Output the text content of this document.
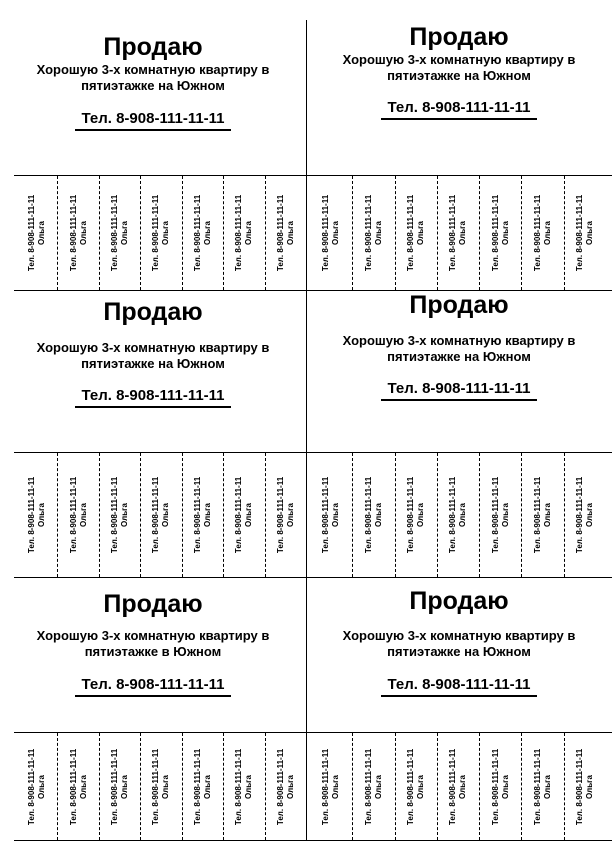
Тел. 8-908-111-11-11 Ольга	Тел. 8-908-111-11-11 Ольга	Тел. 8-908-111-11-11 Ольга	Тел. 8-908-111-11-11 Ольга	Тел. 8-908-111-11-11 Ольга	Тел. 8-908-111-11-11 Ольга	Тел. 8-908-111-11-11 Ольга
Продаю
Хорошую 3-х комнатную квартиру в
пятиэтажке на Южном
Тел. 8-908-111-11-11
Тел. 8-908-111-11-11 Ольга	Тел. 8-908-111-11-11 Ольга	Тел. 8-908-111-11-11 Ольга	Тел. 8-908-111-11-11 Ольга	Тел. 8-908-111-11-11 Ольга	Тел. 8-908-111-11-11 Ольга	Тел. 8-908-111-11-11 Ольга
Продаю
Хорошую 3-х комнатную квартиру в
пятиэтажке на Южном
Тел. 8-908-111-11-11
Тел. 8-908-111-11-11 Ольга	Тел. 8-908-111-11-11 Ольга	Тел. 8-908-111-11-11 Ольга	Тел. 8-908-111-11-11 Ольга	Тел. 8-908-111-11-11 Ольга	Тел. 8-908-111-11-11 Ольга	Тел. 8-908-111-11-11 Ольга
Продаю
Хорошую 3-х комнатную квартиру в
пятиэтажке на Южном
Тел. 8-908-111-11-11
Тел. 8-908-111-11-11 Ольга	Тел. 8-908-111-11-11 Ольга	Тел. 8-908-111-11-11 Ольга	Тел. 8-908-111-11-11 Ольга	Тел. 8-908-111-11-11 Ольга	Тел. 8-908-111-11-11 Ольга	Тел. 8-908-111-11-11 Ольга
Продаю
Хорошую 3-х комнатную квартиру в
пятиэтажке на Южном
Тел. 8-908-111-11-11
Тел. 8-908-111-11-11 Ольга	Тел. 8-908-111-11-11 Ольга	Тел. 8-908-111-11-11 Ольга	Тел. 8-908-111-11-11 Ольга	Тел. 8-908-111-11-11 Ольга	Тел. 8-908-111-11-11 Ольга	Тел. 8-908-111-11-11 Ольга
Продаю
Хорошую 3-х комнатную квартиру в
пятиэтажке в Южном
Тел. 8-908-111-11-11
Тел. 8-908-111-11-11 Ольга	Тел. 8-908-111-11-11 Ольга	Тел. 8-908-111-11-11 Ольга	Тел. 8-908-111-11-11 Ольга	Тел. 8-908-111-11-11 Ольга	Тел. 8-908-111-11-11 Ольга	Тел. 8-908-111-11-11 Ольга
Продаю
Хорошую 3-х комнатную квартиру в
пятиэтажке на Южном
Тел. 8-908-111-11-11
